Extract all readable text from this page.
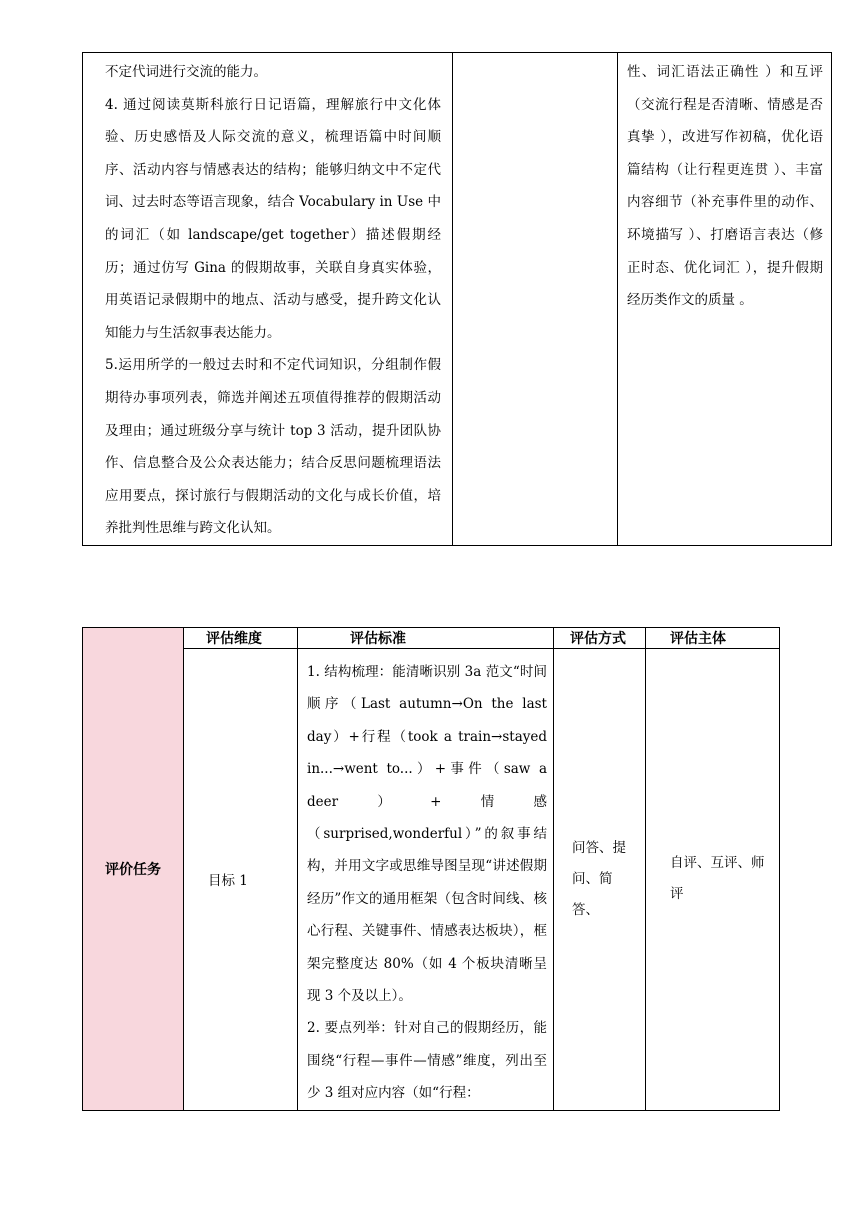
不定代词进行交流的能力。

4. 通过阅读莫斯科旅行日记语篇，理解旅行中文化体验、历史感悟及人际交流的意义，梳理语篇中时间顺序、活动内容与情感表达的结构；能够归纳文中不定代词、过去时态等语言现象，结合 Vocabulary in Use 中的词汇（如 landscape/get together）描述假期经历；通过仿写 Gina 的假期故事，关联自身真实体验，用英语记录假期中的地点、活动与感受，提升跨文化认知能力与生活叙事表达能力。

5.运用所学的一般过去时和不定代词知识，分组制作假期待办事项列表，筛选并阐述五项值得推荐的假期活动及理由；通过班级分享与统计 top 3 活动，提升团队协作、信息整合及公众表达能力；结合反思问题梳理语法应用要点，探讨旅行与假期活动的文化与成长价值，培养批判性思维与跨文化认知。

		性、词汇语法正确性 ）和互评（交流行程是否清晰、情感是否真挚 ），改进写作初稿，优化语篇结构（让行程更连贯 ）、丰富内容细节（补充事件里的动作、环境描写 ）、打磨语言表达（修正时态、优化词汇 ），提升假期经历类作文的质量 。
评价任务	评估维度	评估标准	评估方式	评估主体
	目标 1	1. 结构梳理：能清晰识别 3a 范文“时间顺序（Last autumn→On the last day）+行程（took a train→stayed in...→went to...）+事件（saw a deer）+情感（surprised,wonderful）”的叙事结构，并用文字或思维导图呈现“讲述假期经历”作文的通用框架（包含时间线、核心行程、关键事件、情感表达板块），框架完整度达 80%（如 4 个板块清晰呈现 3 个及以上）。

2. 要点列举：针对自己的假期经历，能围绕“行程—事件—情感”维度，列出至少 3 组对应内容（如“行程：	问答、提问、简答、	自评、互评、师评
